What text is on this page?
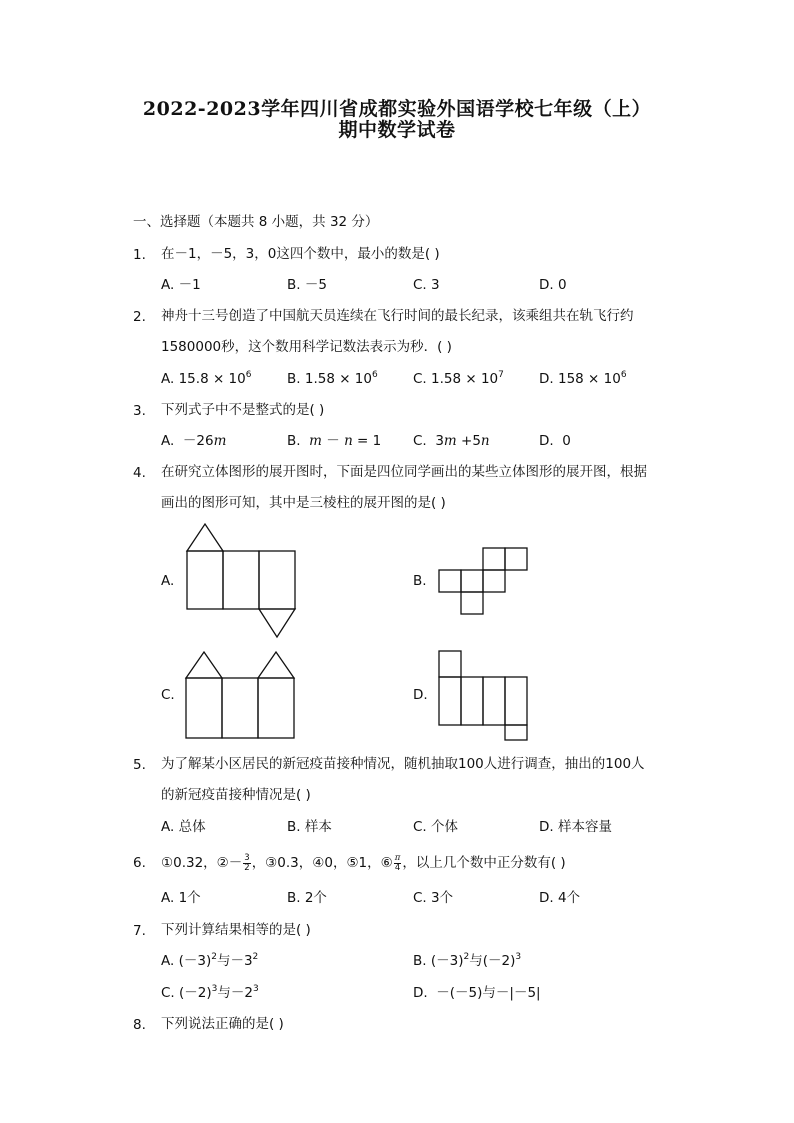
2022-2023学年四川省成都实验外国语学校七年级（上）
期中数学试卷
一、选择题（本题共 8 小题，共 32 分）
1. 在－1，－5，3，0这四个数中，最小的数是( )
A. －1	B. －5	C. 3	D. 0
2. 神舟十三号创造了中国航天员连续在飞行时间的最长纪录，该乘组共在轨飞行约
1580000秒，这个数用科学记数法表示为秒．( )
A. $15.8 \times 10^6$	B. $1.58 \times 10^6$	C. $1.58 \times 10^7$	D. $158 \times 10^6$
3. 下列式子中不是整式的是( )
A. －26m	B. m － n = 1 C. 3m +5n	D. 0
4. 在研究立体图形的展开图时，下面是四位同学画出的某些立体图形的展开图，根据
画出的图形可知，其中是三棱柱的展开图的是( )
A.	B.
C.	D.
5. 为了解某小区居民的新冠疫苗接种情况，随机抽取100人进行调查，抽出的100人
的新冠疫苗接种情况是( )
A. 总体	B. 样本	C. 个体	D. 样本容量
6. ①0.32，②－ $\frac{3}{2}$ ，③0.3，④0，⑤1，⑥ $\frac{\pi}{4}$ ，以上几个数中正分数有( )
A. 1个	B. 2个	C. 3个	D. 4个
7. 下列计算结果相等的是( )
A. $(-3)^2$与$-3^2$	B. $(-3)^2$与$(-2)^3$
C. $(-2)^3$与$-2^3$	D. －(－5)与－|－5|
8. 下列说法正确的是( )
